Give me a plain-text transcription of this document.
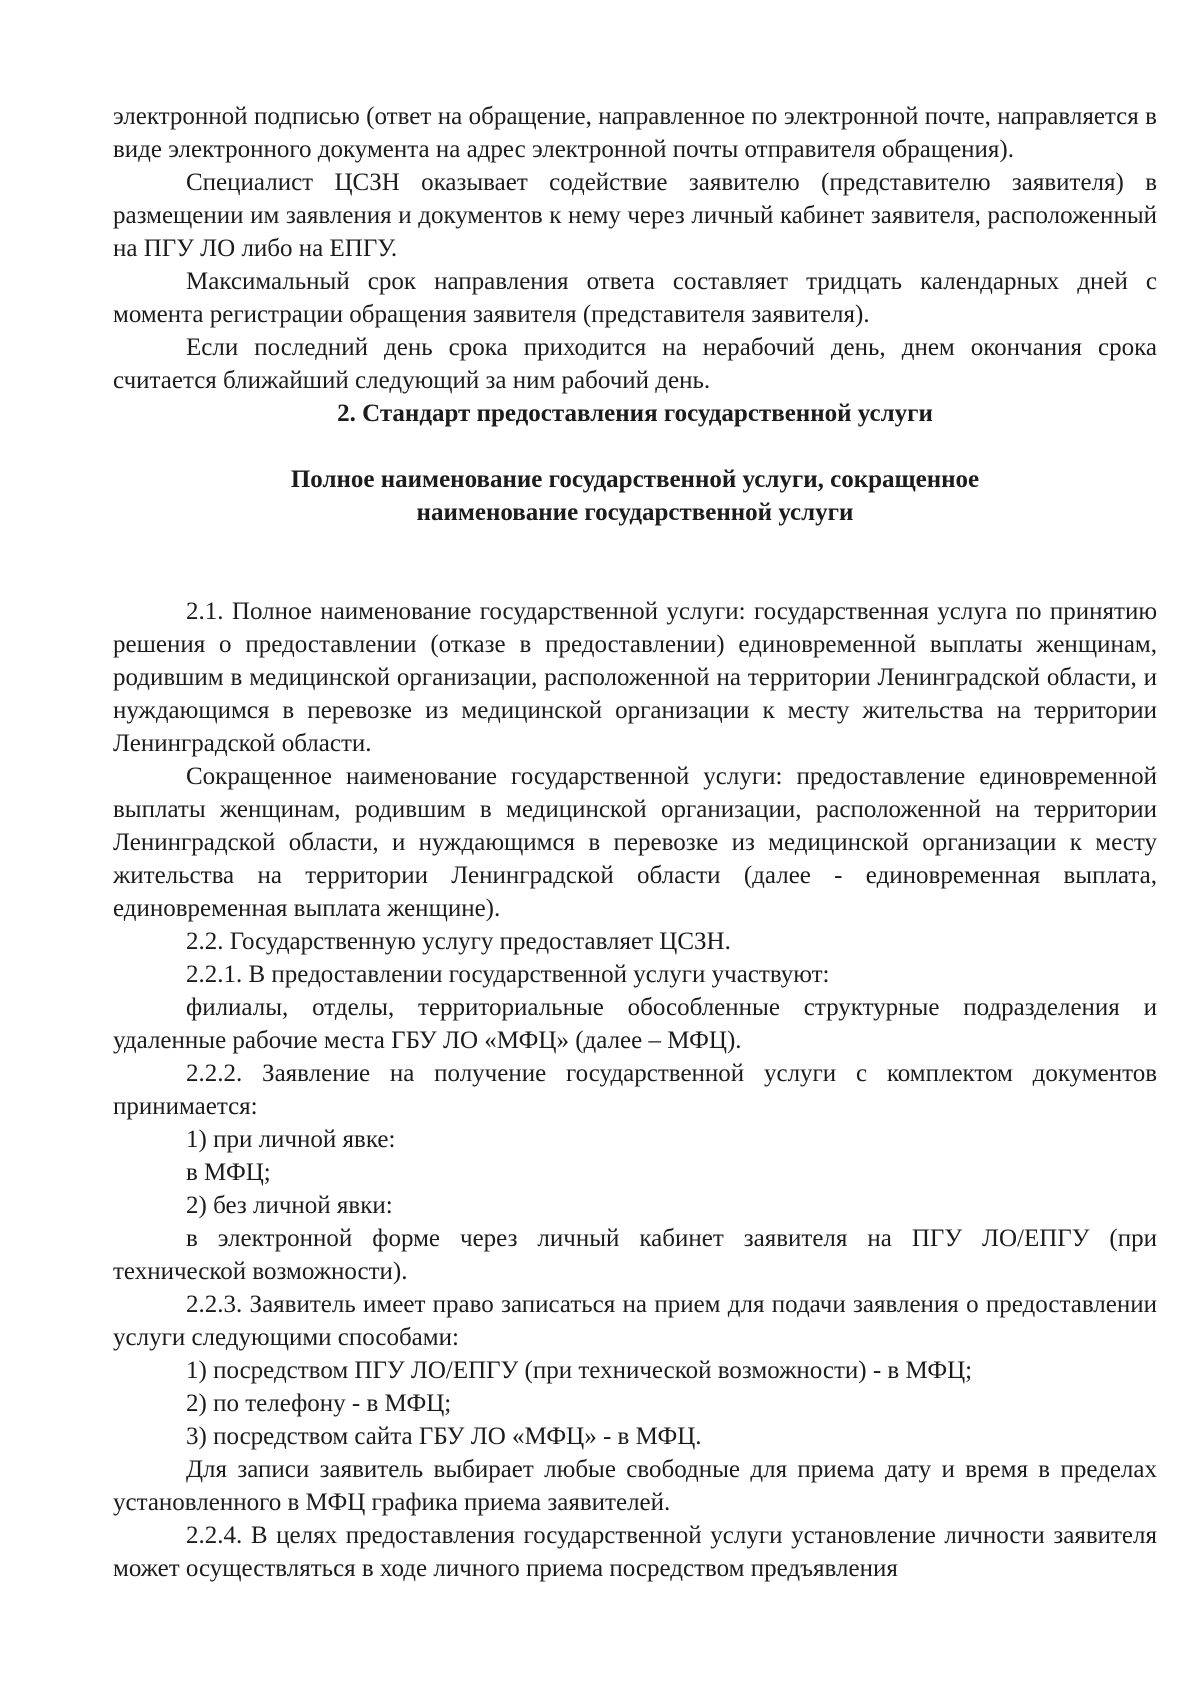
электронной подписью (ответ на обращение, направленное по электронной почте, направляется в виде электронного документа на адрес электронной почты отправителя обращения).

Специалист ЦСЗН оказывает содействие заявителю (представителю заявителя) в размещении им заявления и документов к нему через личный кабинет заявителя, расположенный на ПГУ ЛО либо на ЕПГУ.

Максимальный срок направления ответа составляет тридцать календарных дней с момента регистрации обращения заявителя (представителя заявителя).

Если последний день срока приходится на нерабочий день, днем окончания срока считается ближайший следующий за ним рабочий день.

2. Стандарт предоставления государственной услуги

Полное наименование государственной услуги, сокращенное

наименование государственной услуги

2.1. Полное наименование государственной услуги: государственная услуга по принятию решения о предоставлении (отказе в предоставлении) единовременной выплаты женщинам, родившим в медицинской организации, расположенной на территории Ленинградской области, и нуждающимся в перевозке из медицинской организации к месту жительства на территории Ленинградской области.

Сокращенное наименование государственной услуги: предоставление единовременной выплаты женщинам, родившим в медицинской организации, расположенной на территории Ленинградской области, и нуждающимся в перевозке из медицинской организации к месту жительства на территории Ленинградской области (далее - единовременная выплата, единовременная выплата женщине).

2.2. Государственную услугу предоставляет ЦСЗН.

2.2.1. В предоставлении государственной услуги участвуют:

филиалы, отделы, территориальные обособленные структурные подразделения и удаленные рабочие места ГБУ ЛО «МФЦ» (далее – МФЦ).

2.2.2. Заявление на получение государственной услуги с комплектом документов принимается:

1) при личной явке:

в МФЦ;

2) без личной явки:

в электронной форме через личный кабинет заявителя на ПГУ ЛО/ЕПГУ (при технической возможности).

2.2.3. Заявитель имеет право записаться на прием для подачи заявления о предоставлении услуги следующими способами:

1) посредством ПГУ ЛО/ЕПГУ (при технической возможности) - в МФЦ;

2) по телефону - в МФЦ;

3) посредством сайта ГБУ ЛО «МФЦ» - в МФЦ.

Для записи заявитель выбирает любые свободные для приема дату и время в пределах установленного в МФЦ графика приема заявителей.

2.2.4. В целях предоставления государственной услуги установление личности заявителя может осуществляться в ходе личного приема посредством предъявления
